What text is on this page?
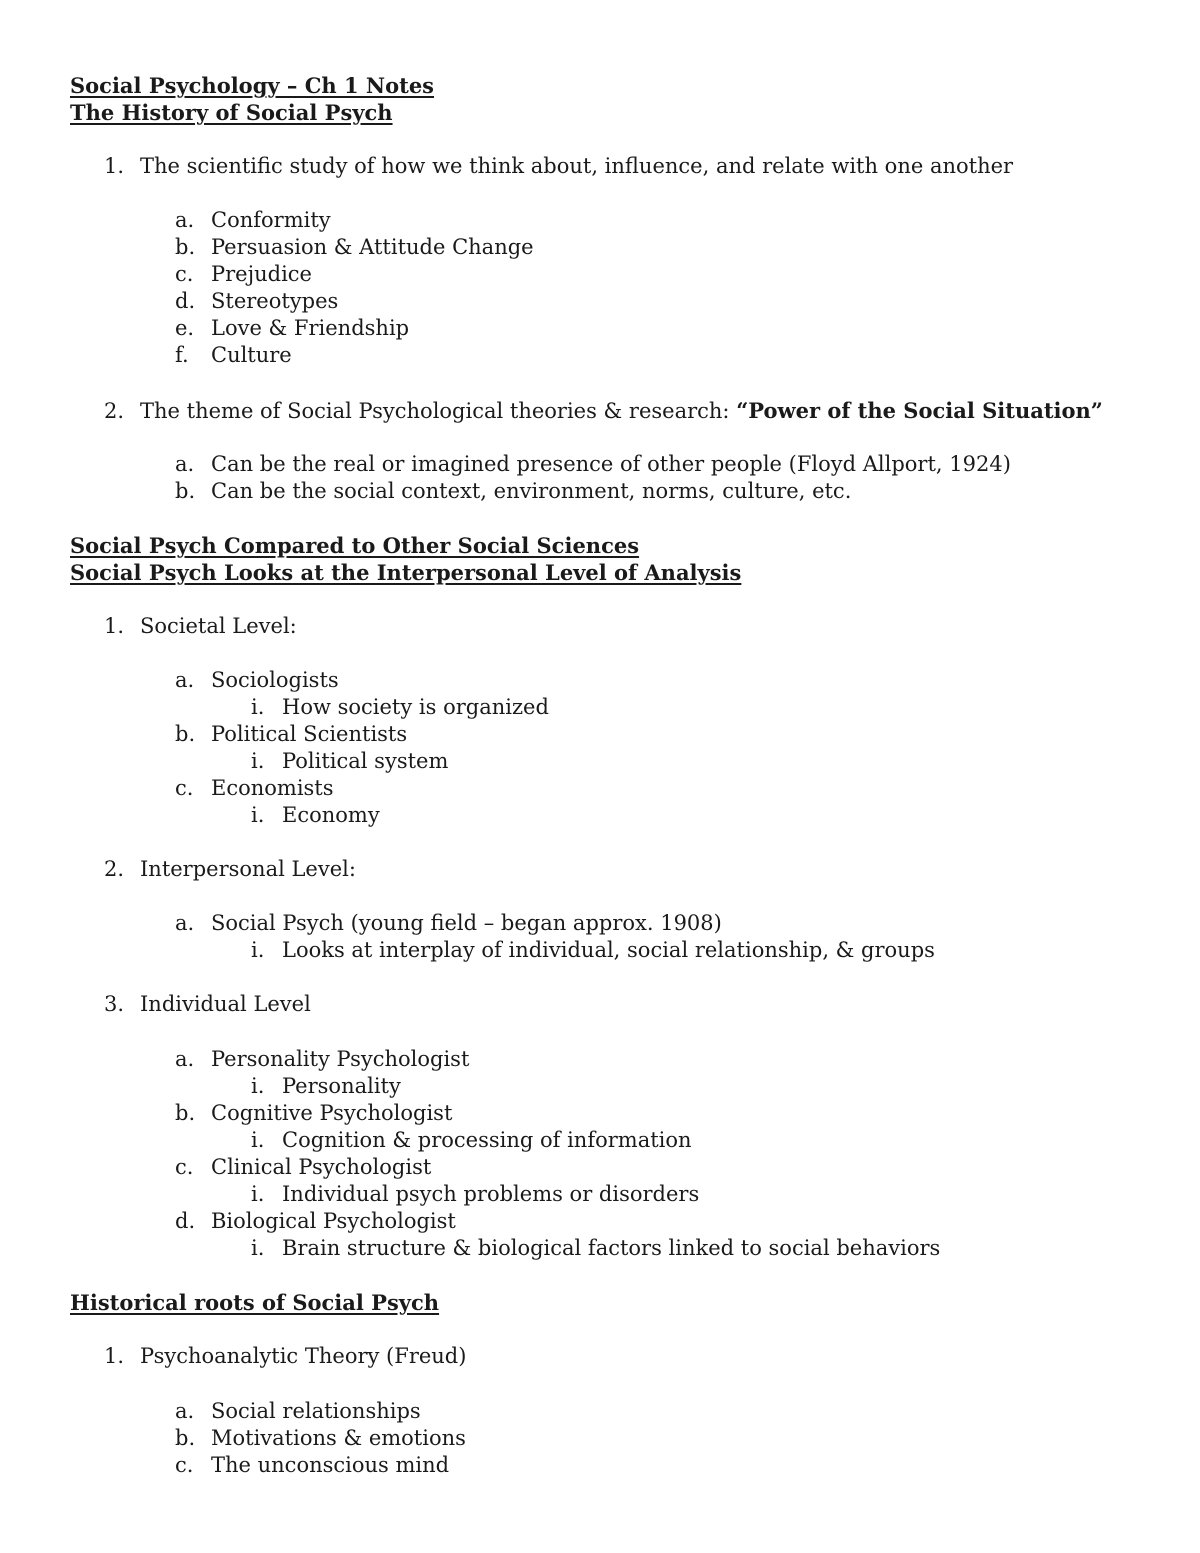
Social Psychology – Ch 1 Notes
The History of Social Psych
1. The scientific study of how we think about, influence, and relate with one another
a. Conformity
b. Persuasion & Attitude Change
c. Prejudice
d. Stereotypes
e. Love & Friendship
f. Culture
2. The theme of Social Psychological theories & research: “Power of the Social Situation”
a. Can be the real or imagined presence of other people (Floyd Allport, 1924)
b. Can be the social context, environment, norms, culture, etc.
Social Psych Compared to Other Social Sciences
Social Psych Looks at the Interpersonal Level of Analysis
1. Societal Level:
a. Sociologists
i. How society is organized
b. Political Scientists
i. Political system
c. Economists
i. Economy
2. Interpersonal Level:
a. Social Psych (young field – began approx. 1908)
i. Looks at interplay of individual, social relationship, & groups
3. Individual Level
a. Personality Psychologist
i. Personality
b. Cognitive Psychologist
i. Cognition & processing of information
c. Clinical Psychologist
i. Individual psych problems or disorders
d. Biological Psychologist
i. Brain structure & biological factors linked to social behaviors
Historical roots of Social Psych
1. Psychoanalytic Theory (Freud)
a. Social relationships
b. Motivations & emotions
c. The unconscious mind
